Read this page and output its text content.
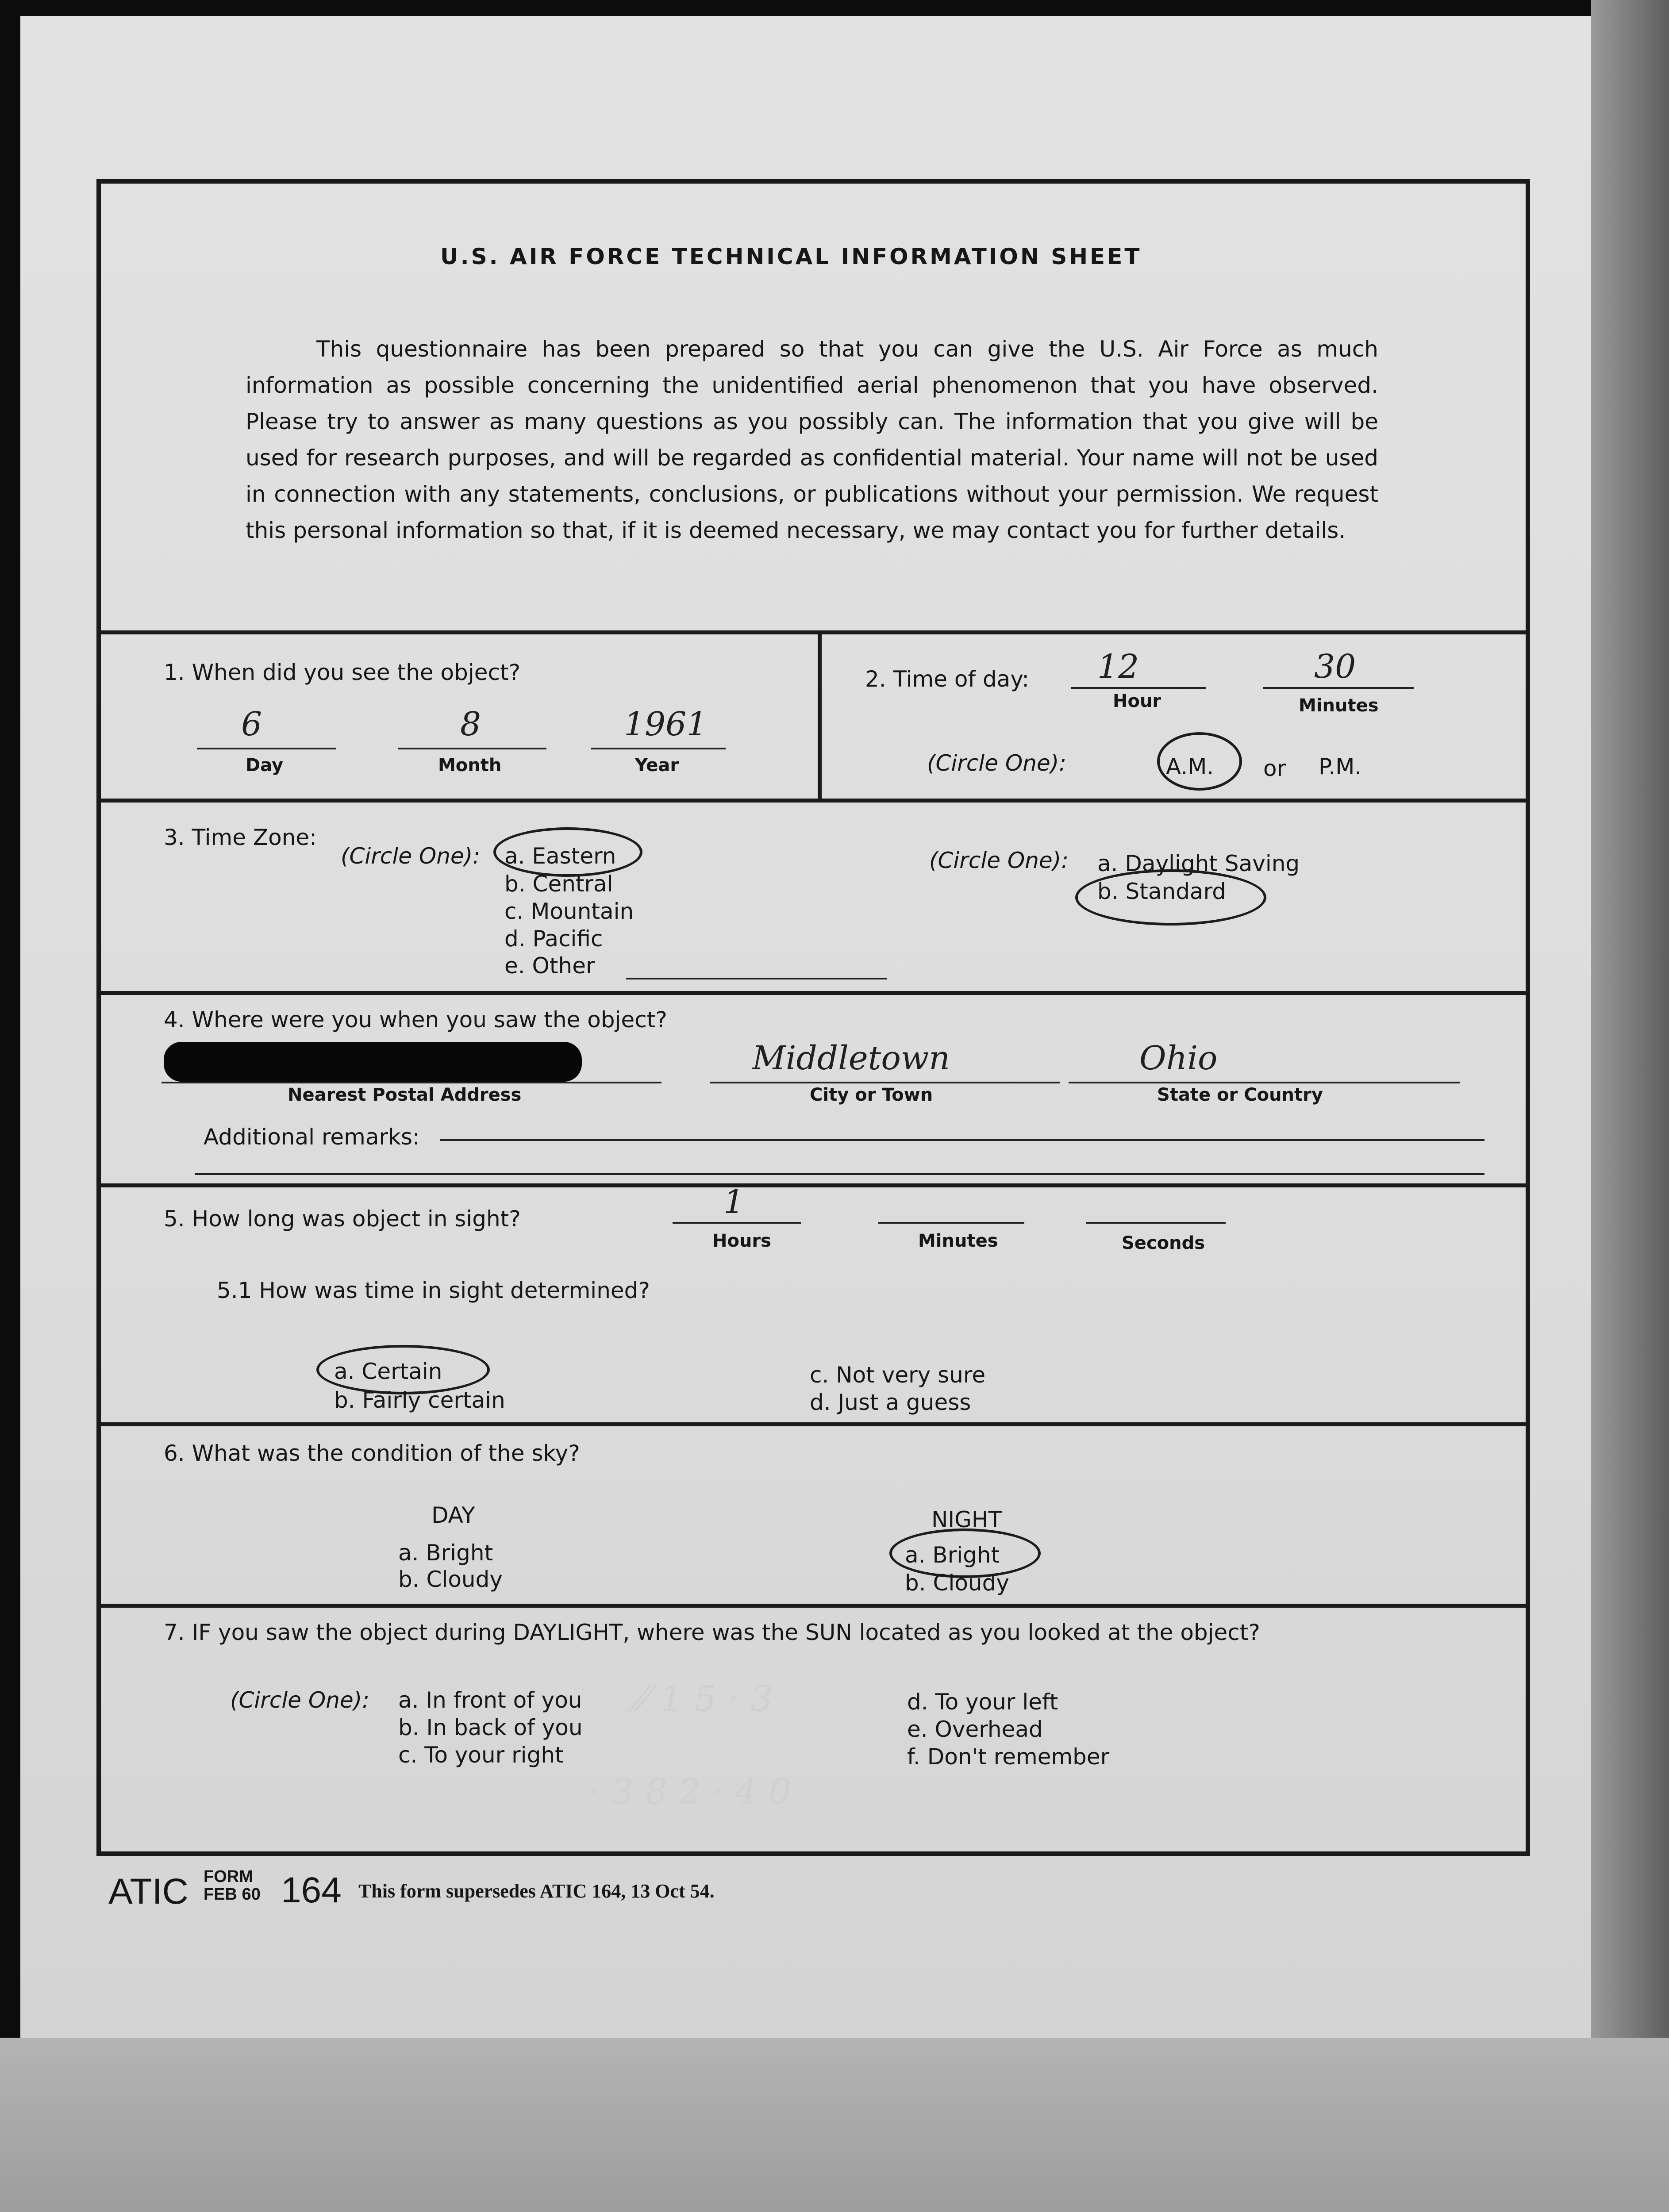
U.S. AIR FORCE TECHNICAL INFORMATION SHEET
This questionnaire has been prepared so that you can give the U.S. Air Force as much information as possible concerning the unidentified aerial phenomenon that you have observed. Please try to answer as many questions as you possibly can. The information that you give will be used for research purposes, and will be regarded as confidential material. Your name will not be used in connection with any statements, conclusions, or publications without your permission. We request this personal information so that, if it is deemed necessary, we may contact you for further details.
1. When did you see the object?
6
Day
8
Month
1961
Year
2. Time of day: 12
Hour
30
Minutes
(Circle One):	A.M. or P.M.
3. Time Zone:
(Circle One): a. Eastern
b. Central
c. Mountain
d. Pacific
e. Other
(Circle One): a. Daylight Saving
b. Standard
4. Where were you when you saw the object?
Nearest Postal Address
Middletown
City or Town
Ohio
State or Country
Additional remarks:
5. How long was object in sight?	1
Hours	Minutes	Seconds
5.1 How was time in sight determined?
a. Certain
b. Fairly certain
c. Not very sure
d. Just a guess
6. What was the condition of the sky?
DAY
a. Bright
b. Cloudy
NIGHT
a. Bright
b. Cloudy
7. IF you saw the object during DAYLIGHT, where was the SUN located as you looked at the object?
(Circle One): a. In front of you
b. In back of you
c. To your right
d. To your left
e. Overhead
f. Don't remember
⁄⁄ 1 5 · 3
· 3 8 2 · 4 0
ATIC FORM
FEB 60 164 This form supersedes ATIC 164, 13 Oct 54.
